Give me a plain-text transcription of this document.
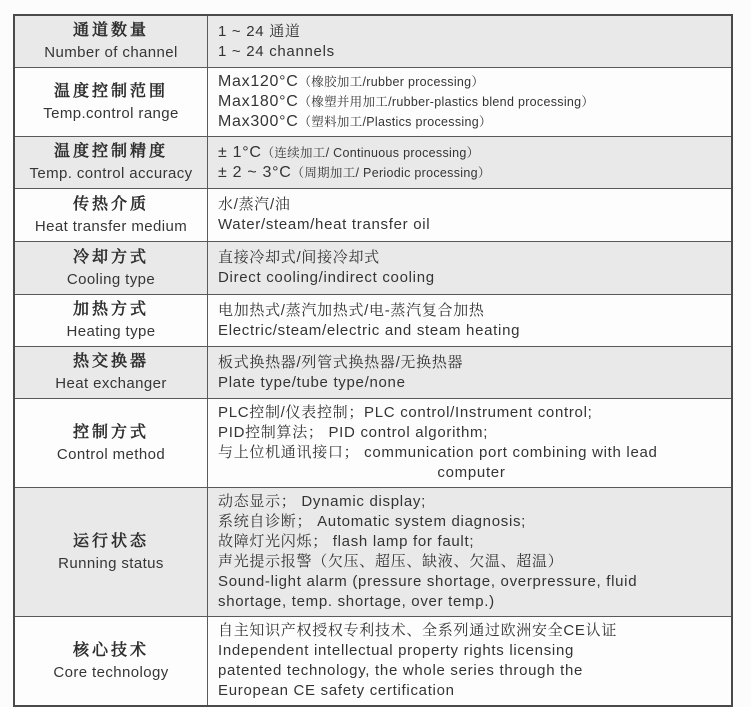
通道数量
Number of channel
1 ~ 24 通道
1 ~ 24 channels
温度控制范围
Temp.control range
Max120°C（橡胶加工/rubber processing）
Max180°C（橡塑并用加工/rubber-plastics blend processing）
Max300°C（塑料加工/Plastics processing）
温度控制精度
Temp. control accuracy
± 1°C（连续加工/ Continuous processing）
± 2 ~ 3°C（周期加工/ Periodic processing）
传热介质
Heat transfer medium
水/蒸汽/油
Water/steam/heat transfer oil
冷却方式
Cooling type
直接冷却式/间接冷却式
Direct cooling/indirect cooling
加热方式
Heating type
电加热式/蒸汽加热式/电-蒸汽复合加热
Electric/steam/electric and steam heating
热交换器
Heat exchanger
板式换热器/列管式换热器/无换热器
Plate type/tube type/none
控制方式
Control method
PLC控制/仪表控制；PLC control/Instrument control;
PID控制算法； PID control algorithm;
与上位机通讯接口； communication port combining with lead
computer
运行状态
Running status
动态显示； Dynamic display;
系统自诊断； Automatic system diagnosis;
故障灯光闪烁； flash lamp for fault;
声光提示报警（欠压、超压、缺液、欠温、超温）
Sound-light alarm (pressure shortage, overpressure, fluid
shortage, temp. shortage, over temp.)
核心技术
Core technology
自主知识产权授权专利技术、全系列通过欧洲安全CE认证
Independent intellectual property rights licensing
patented technology, the whole series through the
European CE safety certification
